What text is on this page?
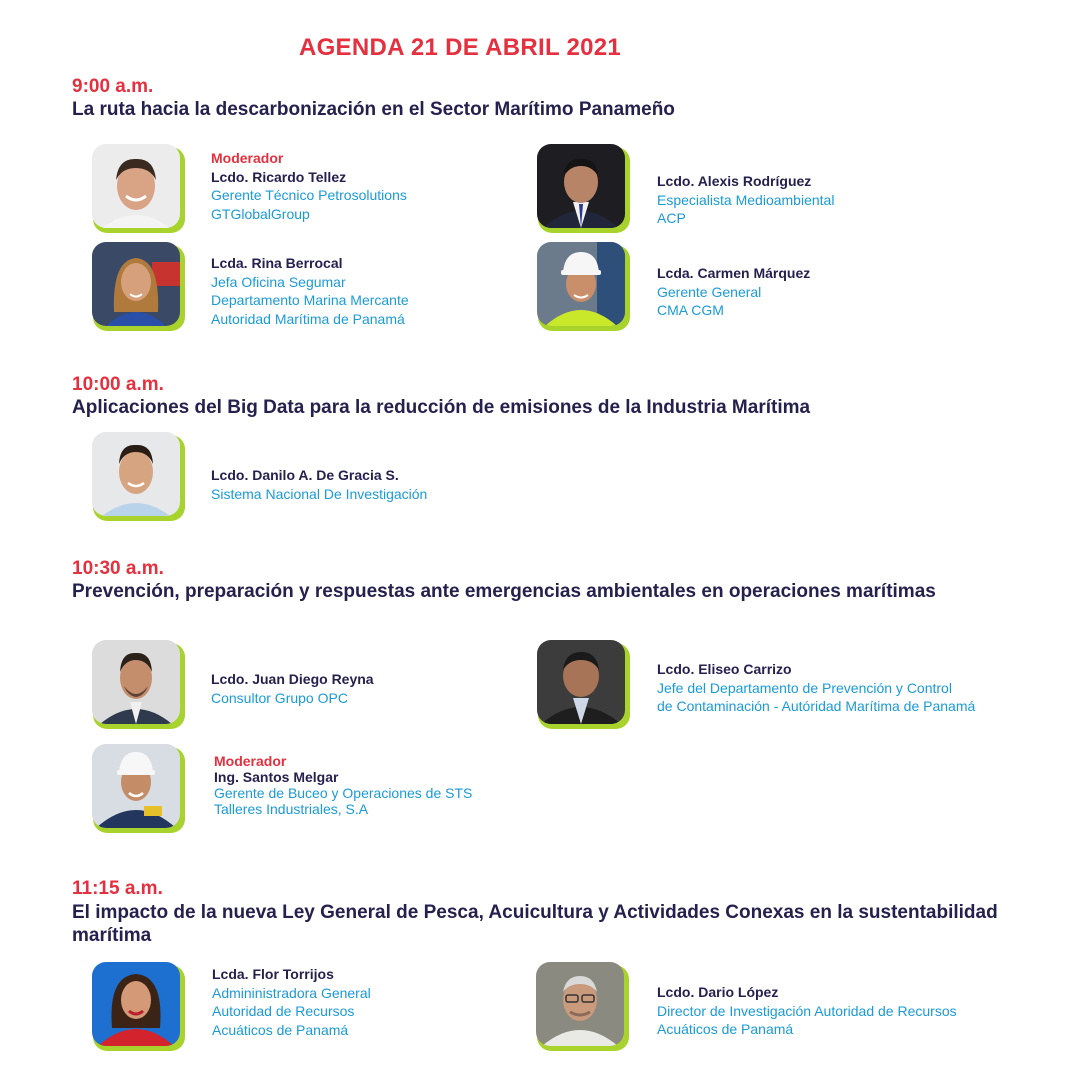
AGENDA 21 DE ABRIL 2021
9:00 a.m.
La ruta hacia la descarbonización en el Sector Marítimo Panameño
Moderador
Lcdo. Ricardo Tellez
Gerente Técnico Petrosolutions
GTGlobalGroup
Lcdo. Alexis Rodríguez
Especialista Medioambiental
ACP
Lcda. Rina Berrocal
Jefa Oficina Segumar
Departamento Marina Mercante
Autoridad Marítima de Panamá
Lcda. Carmen Márquez
Gerente General
CMA CGM
10:00 a.m.
Aplicaciones del Big Data para la reducción de emisiones de la Industria Marítima
Lcdo. Danilo A. De Gracia S.
Sistema Nacional De Investigación
10:30 a.m.
Prevención, preparación y respuestas ante emergencias ambientales en operaciones marítimas
Lcdo. Juan Diego Reyna
Consultor Grupo OPC
Lcdo. Eliseo Carrizo
Jefe del Departamento de Prevención y Control
de Contaminación - Autóridad Marítima de Panamá
Moderador
Ing. Santos Melgar
Gerente de Buceo y Operaciones de STS
Talleres Industriales, S.A
11:15 a.m.
El impacto de la nueva Ley General de Pesca, Acuicultura y Actividades Conexas en la sustentabilidad marítima
Lcda. Flor Torrijos
Admininistradora General
Autoridad de Recursos
Acuáticos de Panamá
Lcdo. Dario López
Director de Investigación Autoridad de Recursos
Acuáticos de Panamá
